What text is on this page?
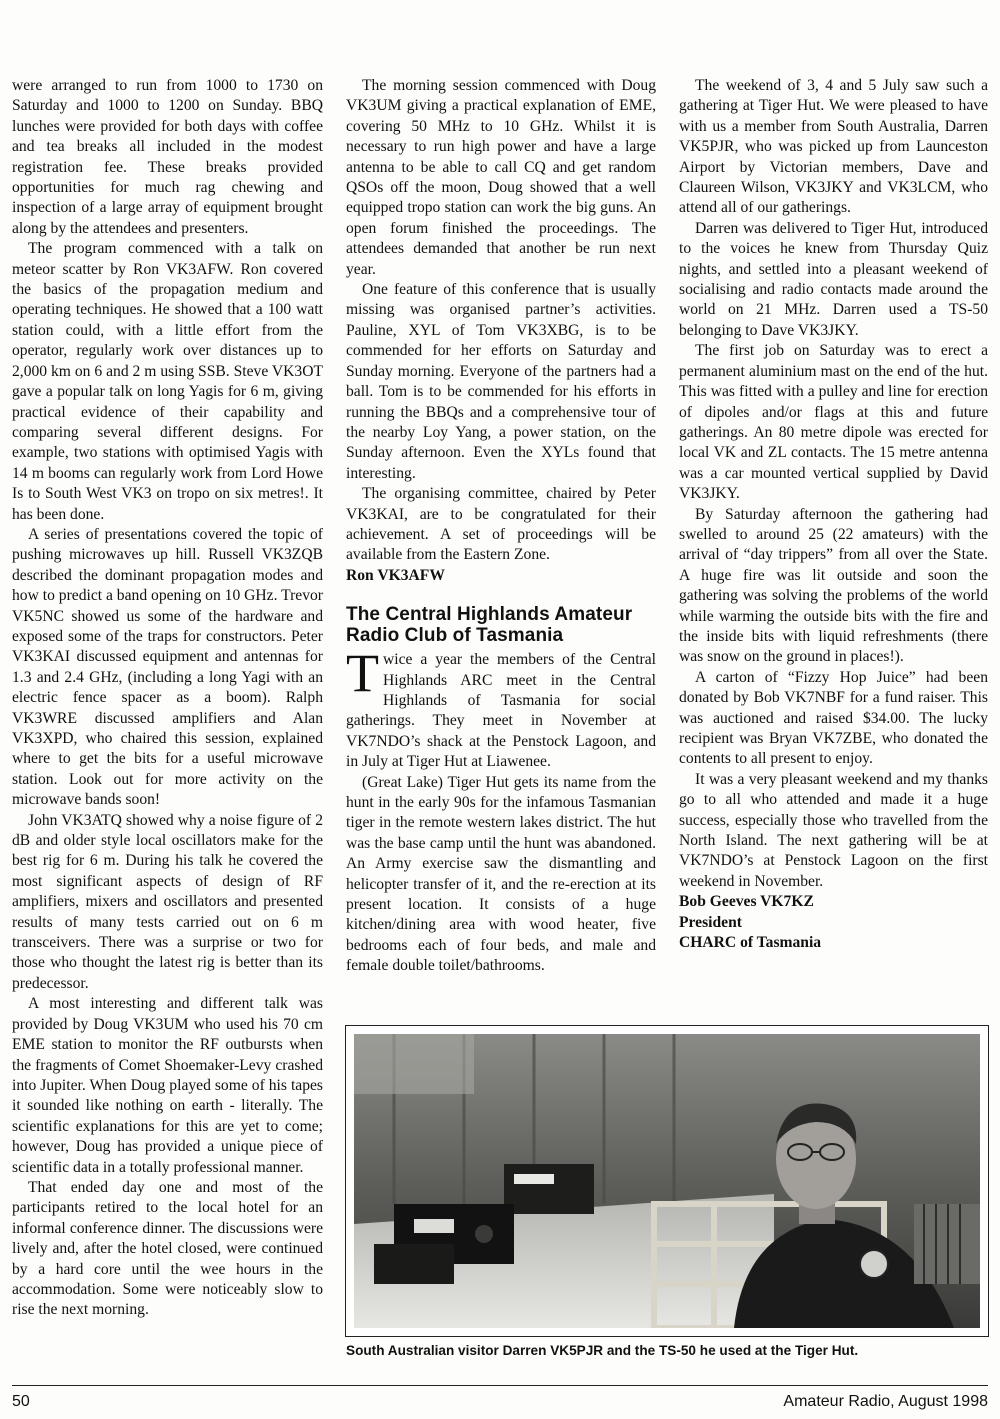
were arranged to run from 1000 to 1730 on Saturday and 1000 to 1200 on Sunday. BBQ lunches were provided for both days with coffee and tea breaks all included in the modest registration fee. These breaks provided opportunities for much rag chewing and inspection of a large array of equipment brought along by the attendees and presenters.

The program commenced with a talk on meteor scatter by Ron VK3AFW. Ron covered the basics of the propagation medium and operating techniques. He showed that a 100 watt station could, with a little effort from the operator, regularly work over distances up to 2,000 km on 6 and 2 m using SSB. Steve VK3OT gave a popular talk on long Yagis for 6 m, giving practical evidence of their capability and comparing several different designs. For example, two stations with optimised Yagis with 14 m booms can regularly work from Lord Howe Is to South West VK3 on tropo on six metres!. It has been done.

A series of presentations covered the topic of pushing microwaves up hill. Russell VK3ZQB described the dominant propagation modes and how to predict a band opening on 10 GHz. Trevor VK5NC showed us some of the hardware and exposed some of the traps for constructors. Peter VK3KAI discussed equipment and antennas for 1.3 and 2.4 GHz, (including a long Yagi with an electric fence spacer as a boom). Ralph VK3WRE discussed amplifiers and Alan VK3XPD, who chaired this session, explained where to get the bits for a useful microwave station. Look out for more activity on the microwave bands soon!

John VK3ATQ showed why a noise figure of 2 dB and older style local oscillators make for the best rig for 6 m. During his talk he covered the most significant aspects of design of RF amplifiers, mixers and oscillators and presented results of many tests carried out on 6 m transceivers. There was a surprise or two for those who thought the latest rig is better than its predecessor.

A most interesting and different talk was provided by Doug VK3UM who used his 70 cm EME station to monitor the RF outbursts when the fragments of Comet Shoemaker-Levy crashed into Jupiter. When Doug played some of his tapes it sounded like nothing on earth - literally. The scientific explanations for this are yet to come; however, Doug has provided a unique piece of scientific data in a totally professional manner.

That ended day one and most of the participants retired to the local hotel for an informal conference dinner. The discussions were lively and, after the hotel closed, were continued by a hard core until the wee hours in the accommodation. Some were noticeably slow to rise the next morning.

The morning session commenced with Doug VK3UM giving a practical explanation of EME, covering 50 MHz to 10 GHz. Whilst it is necessary to run high power and have a large antenna to be able to call CQ and get random QSOs off the moon, Doug showed that a well equipped tropo station can work the big guns. An open forum finished the proceedings. The attendees demanded that another be run next year.

One feature of this conference that is usually missing was organised partner’s activities. Pauline, XYL of Tom VK3XBG, is to be commended for her efforts on Saturday and Sunday morning. Everyone of the partners had a ball. Tom is to be commended for his efforts in running the BBQs and a comprehensive tour of the nearby Loy Yang, a power station, on the Sunday afternoon. Even the XYLs found that interesting.

The organising committee, chaired by Peter VK3KAI, are to be congratulated for their achievement. A set of proceedings will be available from the Eastern Zone.

Ron VK3AFW

The Central Highlands Amateur Radio Club of Tasmania

Twice a year the members of the Central Highlands ARC meet in the Central Highlands of Tasmania for social gatherings. They meet in November at VK7NDO’s shack at the Penstock Lagoon, and in July at Tiger Hut at Liawenee.

(Great Lake) Tiger Hut gets its name from the hunt in the early 90s for the infamous Tasmanian tiger in the remote western lakes district. The hut was the base camp until the hunt was abandoned. An Army exercise saw the dismantling and helicopter transfer of it, and the re-erection at its present location. It consists of a huge kitchen/dining area with wood heater, five bedrooms each of four beds, and male and female double toilet/bathrooms.

The weekend of 3, 4 and 5 July saw such a gathering at Tiger Hut. We were pleased to have with us a member from South Australia, Darren VK5PJR, who was picked up from Launceston Airport by Victorian members, Dave and Claureen Wilson, VK3JKY and VK3LCM, who attend all of our gatherings.

Darren was delivered to Tiger Hut, introduced to the voices he knew from Thursday Quiz nights, and settled into a pleasant weekend of socialising and radio contacts made around the world on 21 MHz. Darren used a TS-50 belonging to Dave VK3JKY.

The first job on Saturday was to erect a permanent aluminium mast on the end of the hut. This was fitted with a pulley and line for erection of dipoles and/or flags at this and future gatherings. An 80 metre dipole was erected for local VK and ZL contacts. The 15 metre antenna was a car mounted vertical supplied by David VK3JKY.

By Saturday afternoon the gathering had swelled to around 25 (22 amateurs) with the arrival of “day trippers” from all over the State. A huge fire was lit outside and soon the gathering was solving the problems of the world while warming the outside bits with the fire and the inside bits with liquid refreshments (there was snow on the ground in places!).

A carton of “Fizzy Hop Juice” had been donated by Bob VK7NBF for a fund raiser. This was auctioned and raised $34.00. The lucky recipient was Bryan VK7ZBE, who donated the contents to all present to enjoy.

It was a very pleasant weekend and my thanks go to all who attended and made it a huge success, especially those who travelled from the North Island. The next gathering will be at VK7NDO’s at Penstock Lagoon on the first weekend in November.

Bob Geeves VK7KZ

President

CHARC of Tasmania

South Australian visitor Darren VK5PJR and the TS-50 he used at the Tiger Hut.
50	Amateur Radio, August 1998
